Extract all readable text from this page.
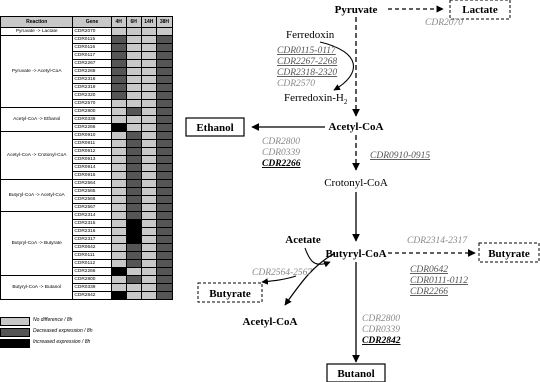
Reaction	Gene	4H	6H	14H	38H
Pyruvate -> Lactate	CDR2070				
Pyruvate -> Acetyl-CoA	CDR0115				
	CDR0116				
	CDR0117				
	CDR2267				
	CDR2268				
	CDR2318				
	CDR2319				
	CDR2320				
	CDR2570				
Acetyl-CoA -> Ethanol	CDR2800				
	CDR0339				
	CDR2266				
Acetyl-CoA -> Crotonyl-CoA	CDR0910				
	CDR0911				
	CDR0912				
	CDR0913				
	CDR0914				
	CDR0915				
Butyryl-CoA -> Acetyl-CoA	CDR2564				
	CDR2565				
	CDR2566				
	CDR2567				
Butyryl-CoA -> Butyrate	CDR2314				
	CDR2315				
	CDR2316				
	CDR2317				
	CDR0642				
	CDR0111				
	CDR0112				
	CDR2266				
Butyryl-CoA -> Butanol	CDR2800				
	CDR0339				
	CDR2842				
No difference / 8h
Decreased expression / 8h
Increased expression / 8h
Pyruvate	Lactate
CDR2070
Ferredoxin
Ferredoxin-$H_2$
CDR0115-0117
CDR2267-2268
CDR2318-2320
CDR2570
Acetyl-CoA
Ethanol
CDR2800
CDR0339
CDR2266
CDR0910-0915
Crotonyl-CoA
Butyryl-CoA
Acetate
CDR2564-2567
Butyrate
Acetyl-CoA
CDR2314-2317
Butyrate
CDR0642
CDR0111-0112
CDR2266
CDR2800
CDR0339
CDR2842
Butanol
